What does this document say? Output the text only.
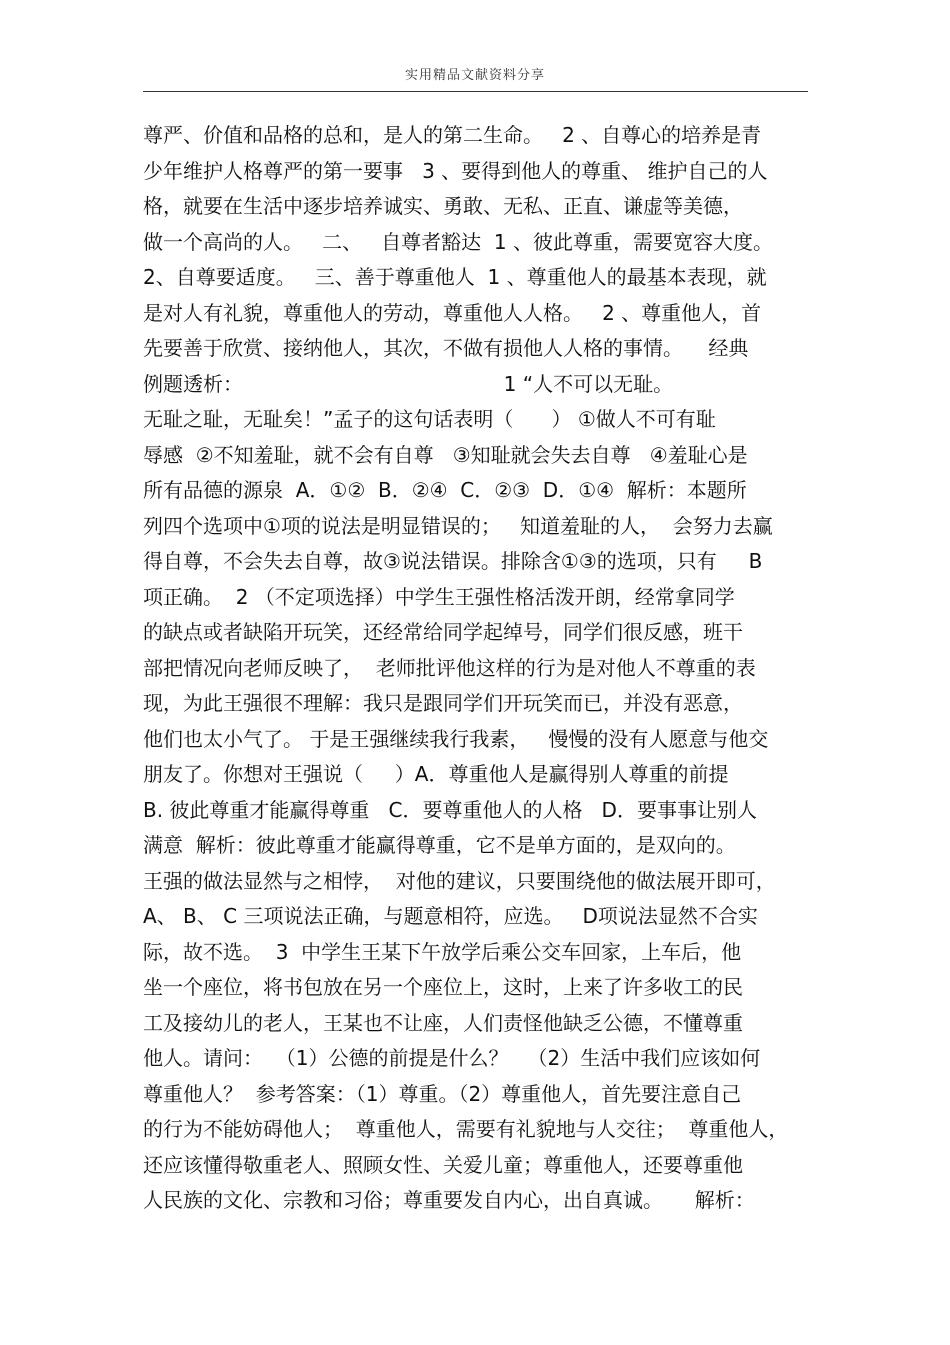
实用精品文献资料分享
尊严、价值和品格的总和，是人的第二生命。   2 、自尊心的培养是青
少年维护人格尊严的第一要事   3 、要得到他人的尊重、 维护自己的人
格，就要在生活中逐步培养诚实、勇敢、无私、正直、谦虚等美德，
做一个高尚的人。   二、   自尊者豁达  1 、彼此尊重，需要宽容大度。
2、自尊要适度。   三、善于尊重他人  1 、尊重他人的最基本表现，就
是对人有礼貌，尊重他人的劳动，尊重他人人格。   2 、尊重他人，首
先要善于欣赏、接纳他人，其次，不做有损他人人格的事情。    经典
例题透析：                                         1 “人不可以无耻。
无耻之耻，无耻矣！”孟子的这句话表明（      ） ①做人不可有耻
辱感  ②不知羞耻，就不会有自尊   ③知耻就会失去自尊   ④羞耻心是
所有品德的源泉  A．①②  B．②④  C．②③  D．①④  解析：本题所
列四个选项中①项的说法是明显错误的；   知道羞耻的人，  会努力去赢
得自尊，不会失去自尊，故③说法错误。排除含①③的选项，只有     B
项正确。  2 （不定项选择）中学生王强性格活泼开朗，经常拿同学
的缺点或者缺陷开玩笑，还经常给同学起绰号，同学们很反感，班干
部把情况向老师反映了，  老师批评他这样的行为是对他人不尊重的表
现，为此王强很不理解：我只是跟同学们开玩笑而已，并没有恶意，
他们也太小气了。 于是王强继续我行我素，   慢慢的没有人愿意与他交
朋友了。你想对王强说（     ）A．尊重他人是赢得别人尊重的前提
B. 彼此尊重才能赢得尊重   C．要尊重他人的人格   D．要事事让别人
满意  解析：彼此尊重才能赢得尊重，它不是单方面的，是双向的。
王强的做法显然与之相悖，  对他的建议，只要围绕他的做法展开即可，
A、 B、 C 三项说法正确，与题意相符，应选。   D项说法显然不合实
际，故不选。  3  中学生王某下午放学后乘公交车回家，上车后，他
坐一个座位，将书包放在另一个座位上，这时，上来了许多收工的民
工及接幼儿的老人，王某也不让座，人们责怪他缺乏公德，不懂尊重
他人。请问：  （1）公德的前提是什么？   （2）生活中我们应该如何
尊重他人？  参考答案：（1）尊重。（2）尊重他人，首先要注意自己
的行为不能妨碍他人；  尊重他人，需要有礼貌地与人交往；  尊重他人，
还应该懂得敬重老人、照顾女性、关爱儿童；尊重他人，还要尊重他
人民族的文化、宗教和习俗；尊重要发自内心，出自真诚。     解析：
